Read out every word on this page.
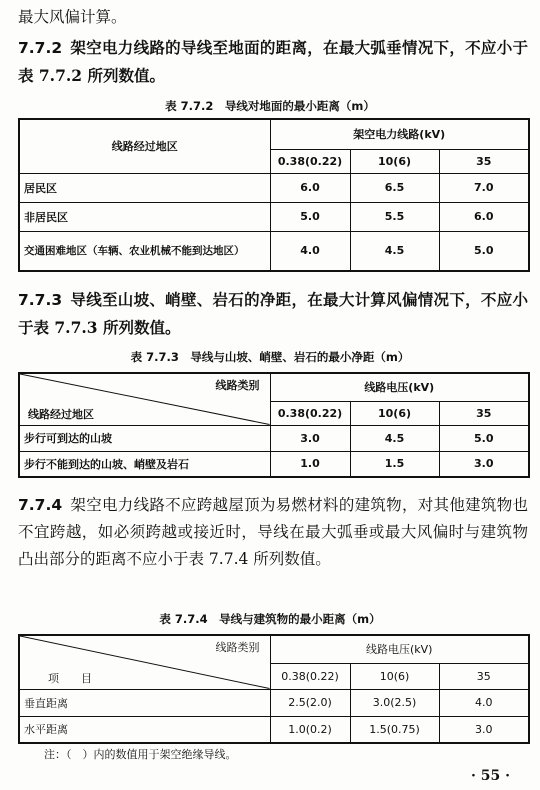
最大风偏计算。

7.7.2 架空电力线路的导线至地面的距离，在最大弧垂情况下，不应小于表 7.7.2 所列数值。

表 7.7.2　导线对地面的最小距离（m）
线路经过地区	架空电力线路(kV)		
	0.38(0.22)	10(6)	35
居民区	6.0	6.5	7.0
非居民区	5.0	5.5	6.0
交通困难地区（车辆、农业机械不能到达地区）	4.0	4.5	5.0

7.7.3 导线至山坡、峭壁、岩石的净距，在最大计算风偏情况下，不应小于表 7.7.3 所列数值。

表 7.7.3　导线与山坡、峭壁、岩石的最小净距（m）
线路类别
线路经过地区	线路电压(kV)		
	0.38(0.22)	10(6)	35
步行可到达的山坡	3.0	4.5	5.0
步行不能到达的山坡、峭壁及岩石	1.0	1.5	3.0

7.7.4 架空电力线路不应跨越屋顶为易燃材料的建筑物，对其他建筑物也不宜跨越，如必须跨越或接近时，导线在最大弧垂或最大风偏时与建筑物凸出部分的距离不应小于表 7.7.4 所列数值。

表 7.7.4　导线与建筑物的最小距离（m）
线路类别
项　　目	线路电压(kV)		
	0.38(0.22)	10(6)	35
垂直距离	2.5(2.0)	3.0(2.5)	4.0
水平距离	1.0(0.2)	1.5(0.75)	3.0
注：（　）内的数值用于架空绝缘导线。
· 55 ·
